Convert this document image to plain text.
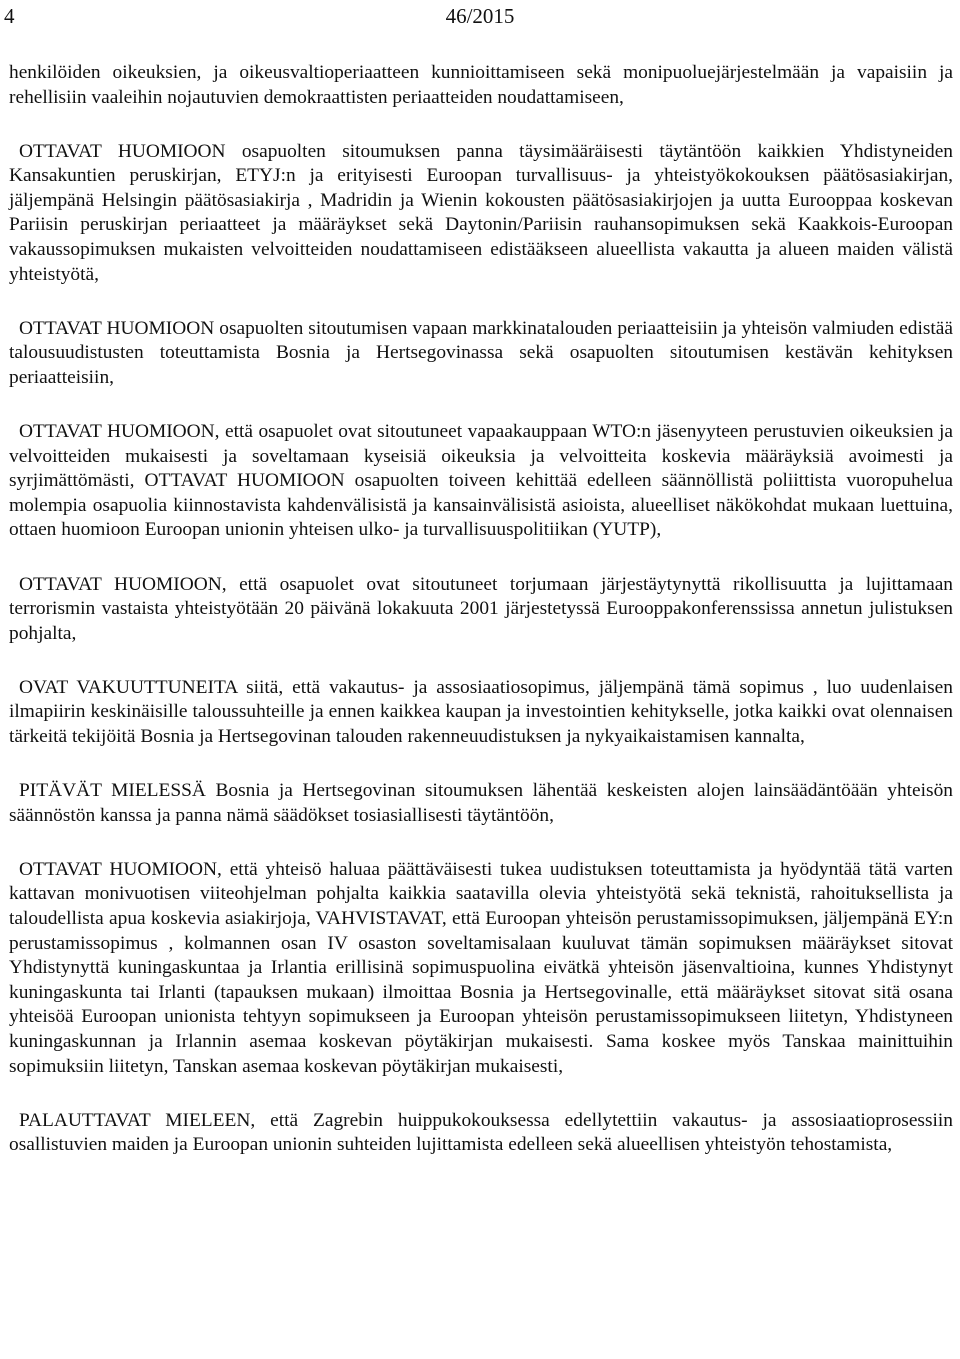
4	46/2015

henkilöiden oikeuksien, ja oikeusvaltioperiaatteen kunnioittamiseen sekä monipuoluejärjestelmään ja vapaisiin ja rehellisiin vaaleihin nojautuvien demokraattisten periaatteiden noudattamiseen,

OTTAVAT HUOMIOON osapuolten sitoumuksen panna täysimääräisesti täytäntöön kaikkien Yhdistyneiden Kansakuntien peruskirjan, ETYJ:n ja erityisesti Euroopan turvallisuus- ja yhteistyökokouksen päätösasiakirjan, jäljempänä Helsingin päätösasiakirja , Madridin ja Wienin kokousten päätösasiakirjojen ja uutta Eurooppaa koskevan Pariisin peruskirjan periaatteet ja määräykset sekä Daytonin/Pariisin rauhansopimuksen sekä Kaakkois-Euroopan vakaussopimuksen mukaisten velvoitteiden noudattamiseen edistääkseen alueellista vakautta ja alueen maiden välistä yhteistyötä,

OTTAVAT HUOMIOON osapuolten sitoutumisen vapaan markkinatalouden periaatteisiin ja yhteisön valmiuden edistää talousuudistusten toteuttamista Bosnia ja Hertsegovinassa sekä osapuolten sitoutumisen kestävän kehityksen periaatteisiin,

OTTAVAT HUOMIOON, että osapuolet ovat sitoutuneet vapaakauppaan WTO:n jäsenyyteen perustuvien oikeuksien ja velvoitteiden mukaisesti ja soveltamaan kyseisiä oikeuksia ja velvoitteita koskevia määräyksiä avoimesti ja syrjimättömästi, OTTAVAT HUOMIOON osapuolten toiveen kehittää edelleen säännöllistä poliittista vuoropuhelua molempia osapuolia kiinnostavista kahdenvälisistä ja kansainvälisistä asioista, alueelliset näkökohdat mukaan luettuina, ottaen huomioon Euroopan unionin yhteisen ulko- ja turvallisuuspolitiikan (YUTP),

OTTAVAT HUOMIOON, että osapuolet ovat sitoutuneet torjumaan järjestäytynyttä rikollisuutta ja lujittamaan terrorismin vastaista yhteistyötään 20 päivänä lokakuuta 2001 järjestetyssä Eurooppakonferenssissa annetun julistuksen pohjalta,

OVAT VAKUUTTUNEITA siitä, että vakautus- ja assosiaatiosopimus, jäljempänä tämä sopimus , luo uudenlaisen ilmapiirin keskinäisille taloussuhteille ja ennen kaikkea kaupan ja investointien kehitykselle, jotka kaikki ovat olennaisen tärkeitä tekijöitä Bosnia ja Hertsegovinan talouden rakenneuudistuksen ja nykyaikaistamisen kannalta,

PITÄVÄT MIELESSÄ Bosnia ja Hertsegovinan sitoumuksen lähentää keskeisten alojen lainsäädäntöään yhteisön säännöstön kanssa ja panna nämä säädökset tosiasiallisesti täytäntöön,

OTTAVAT HUOMIOON, että yhteisö haluaa päättäväisesti tukea uudistuksen toteuttamista ja hyödyntää tätä varten kattavan monivuotisen viiteohjelman pohjalta kaikkia saatavilla olevia yhteistyötä sekä teknistä, rahoituksellista ja taloudellista apua koskevia asiakirjoja, VAHVISTAVAT, että Euroopan yhteisön perustamissopimuksen, jäljempänä EY:n perustamissopimus , kolmannen osan IV osaston soveltamisalaan kuuluvat tämän sopimuksen määräykset sitovat Yhdistynyttä kuningaskuntaa ja Irlantia erillisinä sopimuspuolina eivätkä yhteisön jäsenvaltioina, kunnes Yhdistynyt kuningaskunta tai Irlanti (tapauksen mukaan) ilmoittaa Bosnia ja Hertsegovinalle, että määräykset sitovat sitä osana yhteisöä Euroopan unionista tehtyyn sopimukseen ja Euroopan yhteisön perustamissopimukseen liitetyn, Yhdistyneen kuningaskunnan ja Irlannin asemaa koskevan pöytäkirjan mukaisesti. Sama koskee myös Tanskaa mainittuihin sopimuksiin liitetyn, Tanskan asemaa koskevan pöytäkirjan mukaisesti,

PALAUTTAVAT MIELEEN, että Zagrebin huippukokouksessa edellytettiin vakautus- ja assosiaatioprosessiin osallistuvien maiden ja Euroopan unionin suhteiden lujittamista edelleen sekä alueellisen yhteistyön tehostamista,
